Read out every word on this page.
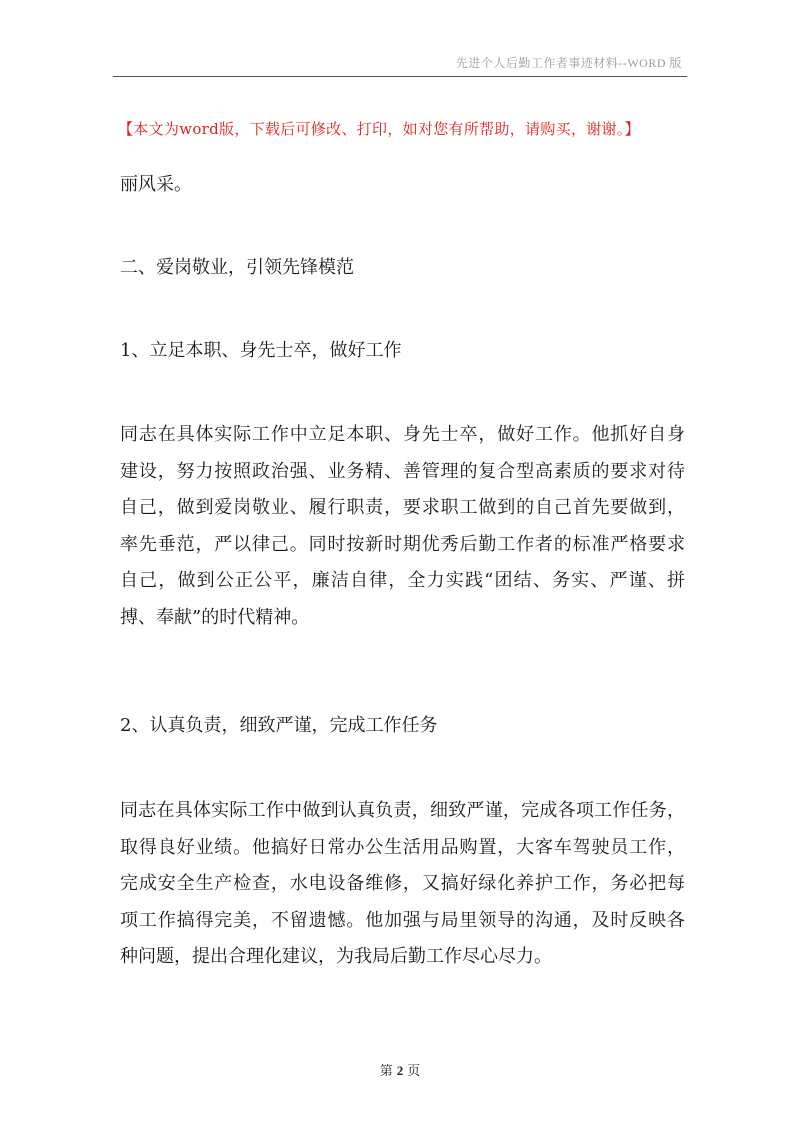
先进个人后勤工作者事迹材料--WORD 版
【本文为word版，下载后可修改、打印，如对您有所帮助，请购买，谢谢。】
丽风采。
二、爱岗敬业，引领先锋模范
1、立足本职、身先士卒，做好工作
同志在具体实际工作中立足本职、身先士卒，做好工作。他抓好自身
建设，努力按照政治强、业务精、善管理的复合型高素质的要求对待
自己，做到爱岗敬业、履行职责，要求职工做到的自己首先要做到，
率先垂范，严以律己。同时按新时期优秀后勤工作者的标准严格要求
自己，做到公正公平，廉洁自律，全力实践“团结、务实、严谨、拼
搏、奉献”的时代精神。
2、认真负责，细致严谨，完成工作任务
同志在具体实际工作中做到认真负责，细致严谨，完成各项工作任务，
取得良好业绩。他搞好日常办公生活用品购置，大客车驾驶员工作，
完成安全生产检查，水电设备维修，又搞好绿化养护工作，务必把每
项工作搞得完美，不留遗憾。他加强与局里领导的沟通，及时反映各
种问题，提出合理化建议，为我局后勤工作尽心尽力。
第 2 页
